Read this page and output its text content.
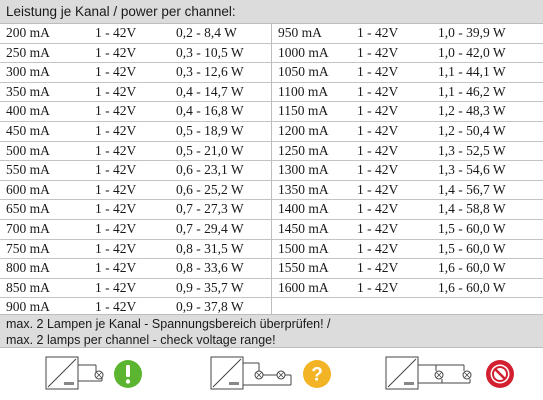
Leistung je Kanal / power per channel:
200 mA	1 - 42V	0,2 - 8,4 W
250 mA	1 - 42V	0,3 - 10,5 W
300 mA	1 - 42V	0,3 - 12,6 W
350 mA	1 - 42V	0,4 - 14,7 W
400 mA	1 - 42V	0,4 - 16,8 W
450 mA	1 - 42V	0,5 - 18,9 W
500 mA	1 - 42V	0,5 - 21,0 W
550 mA	1 - 42V	0,6 - 23,1 W
600 mA	1 - 42V	0,6 - 25,2 W
650 mA	1 - 42V	0,7 - 27,3 W
700 mA	1 - 42V	0,7 - 29,4 W
750 mA	1 - 42V	0,8 - 31,5 W
800 mA	1 - 42V	0,8 - 33,6 W
850 mA	1 - 42V	0,9 - 35,7 W
900 mA	1 - 42V	0,9 - 37,8 W
950 mA	1 - 42V	1,0 - 39,9 W
1000 mA 1 - 42V	1,0 - 42,0 W
1050 mA 1 - 42V	1,1 - 44,1 W
1100 mA 1 - 42V	1,1 - 46,2 W
1150 mA 1 - 42V	1,2 - 48,3 W
1200 mA 1 - 42V	1,2 - 50,4 W
1250 mA 1 - 42V	1,3 - 52,5 W
1300 mA 1 - 42V	1,3 - 54,6 W
1350 mA 1 - 42V	1,4 - 56,7 W
1400 mA 1 - 42V	1,4 - 58,8 W
1450 mA 1 - 42V	1,5 - 60,0 W
1500 mA 1 - 42V	1,5 - 60,0 W
1550 mA 1 - 42V	1,6 - 60,0 W
1600 mA 1 - 42V	1,6 - 60,0 W
max. 2 Lampen je Kanal - Spannungsbereich überprüfen! /
max. 2 lamps per channel - check voltage range!
?
